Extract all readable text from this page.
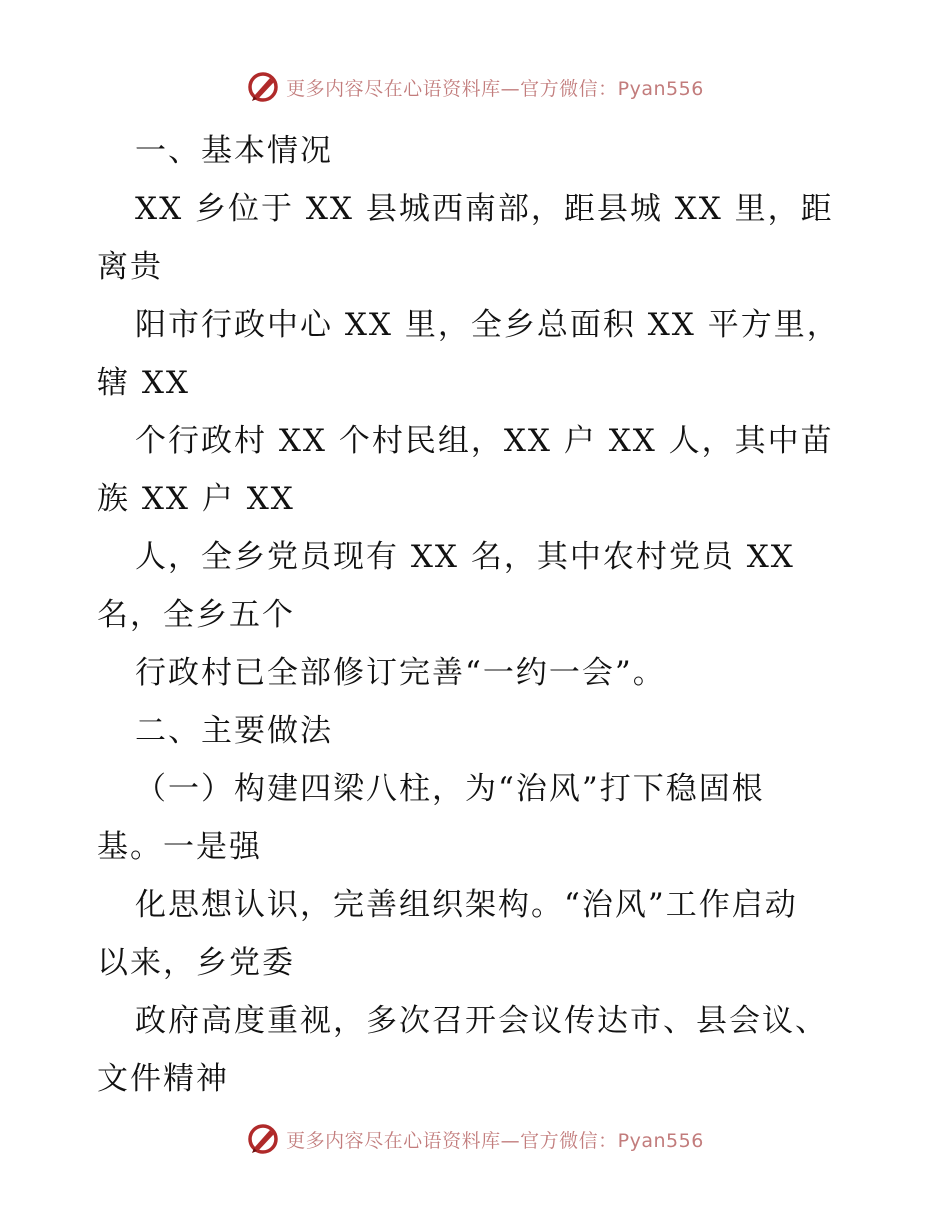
更多内容尽在心语资料库—官方微信：Pyan556
一、基本情况
XX 乡位于 XX 县城西南部，距县城 XX 里，距
离贵
阳市行政中心 XX 里，全乡总面积 XX 平方里，
辖 XX
个行政村 XX 个村民组，XX 户 XX 人，其中苗
族 XX 户 XX
人，全乡党员现有 XX 名，其中农村党员 XX
名，全乡五个
行政村已全部修订完善“一约一会”。
二、主要做法
（一）构建四梁八柱，为“治风”打下稳固根
基。一是强
化思想认识，完善组织架构。“治风”工作启动
以来，乡党委
政府高度重视，多次召开会议传达市、县会议、
文件精神
更多内容尽在心语资料库—官方微信：Pyan556
